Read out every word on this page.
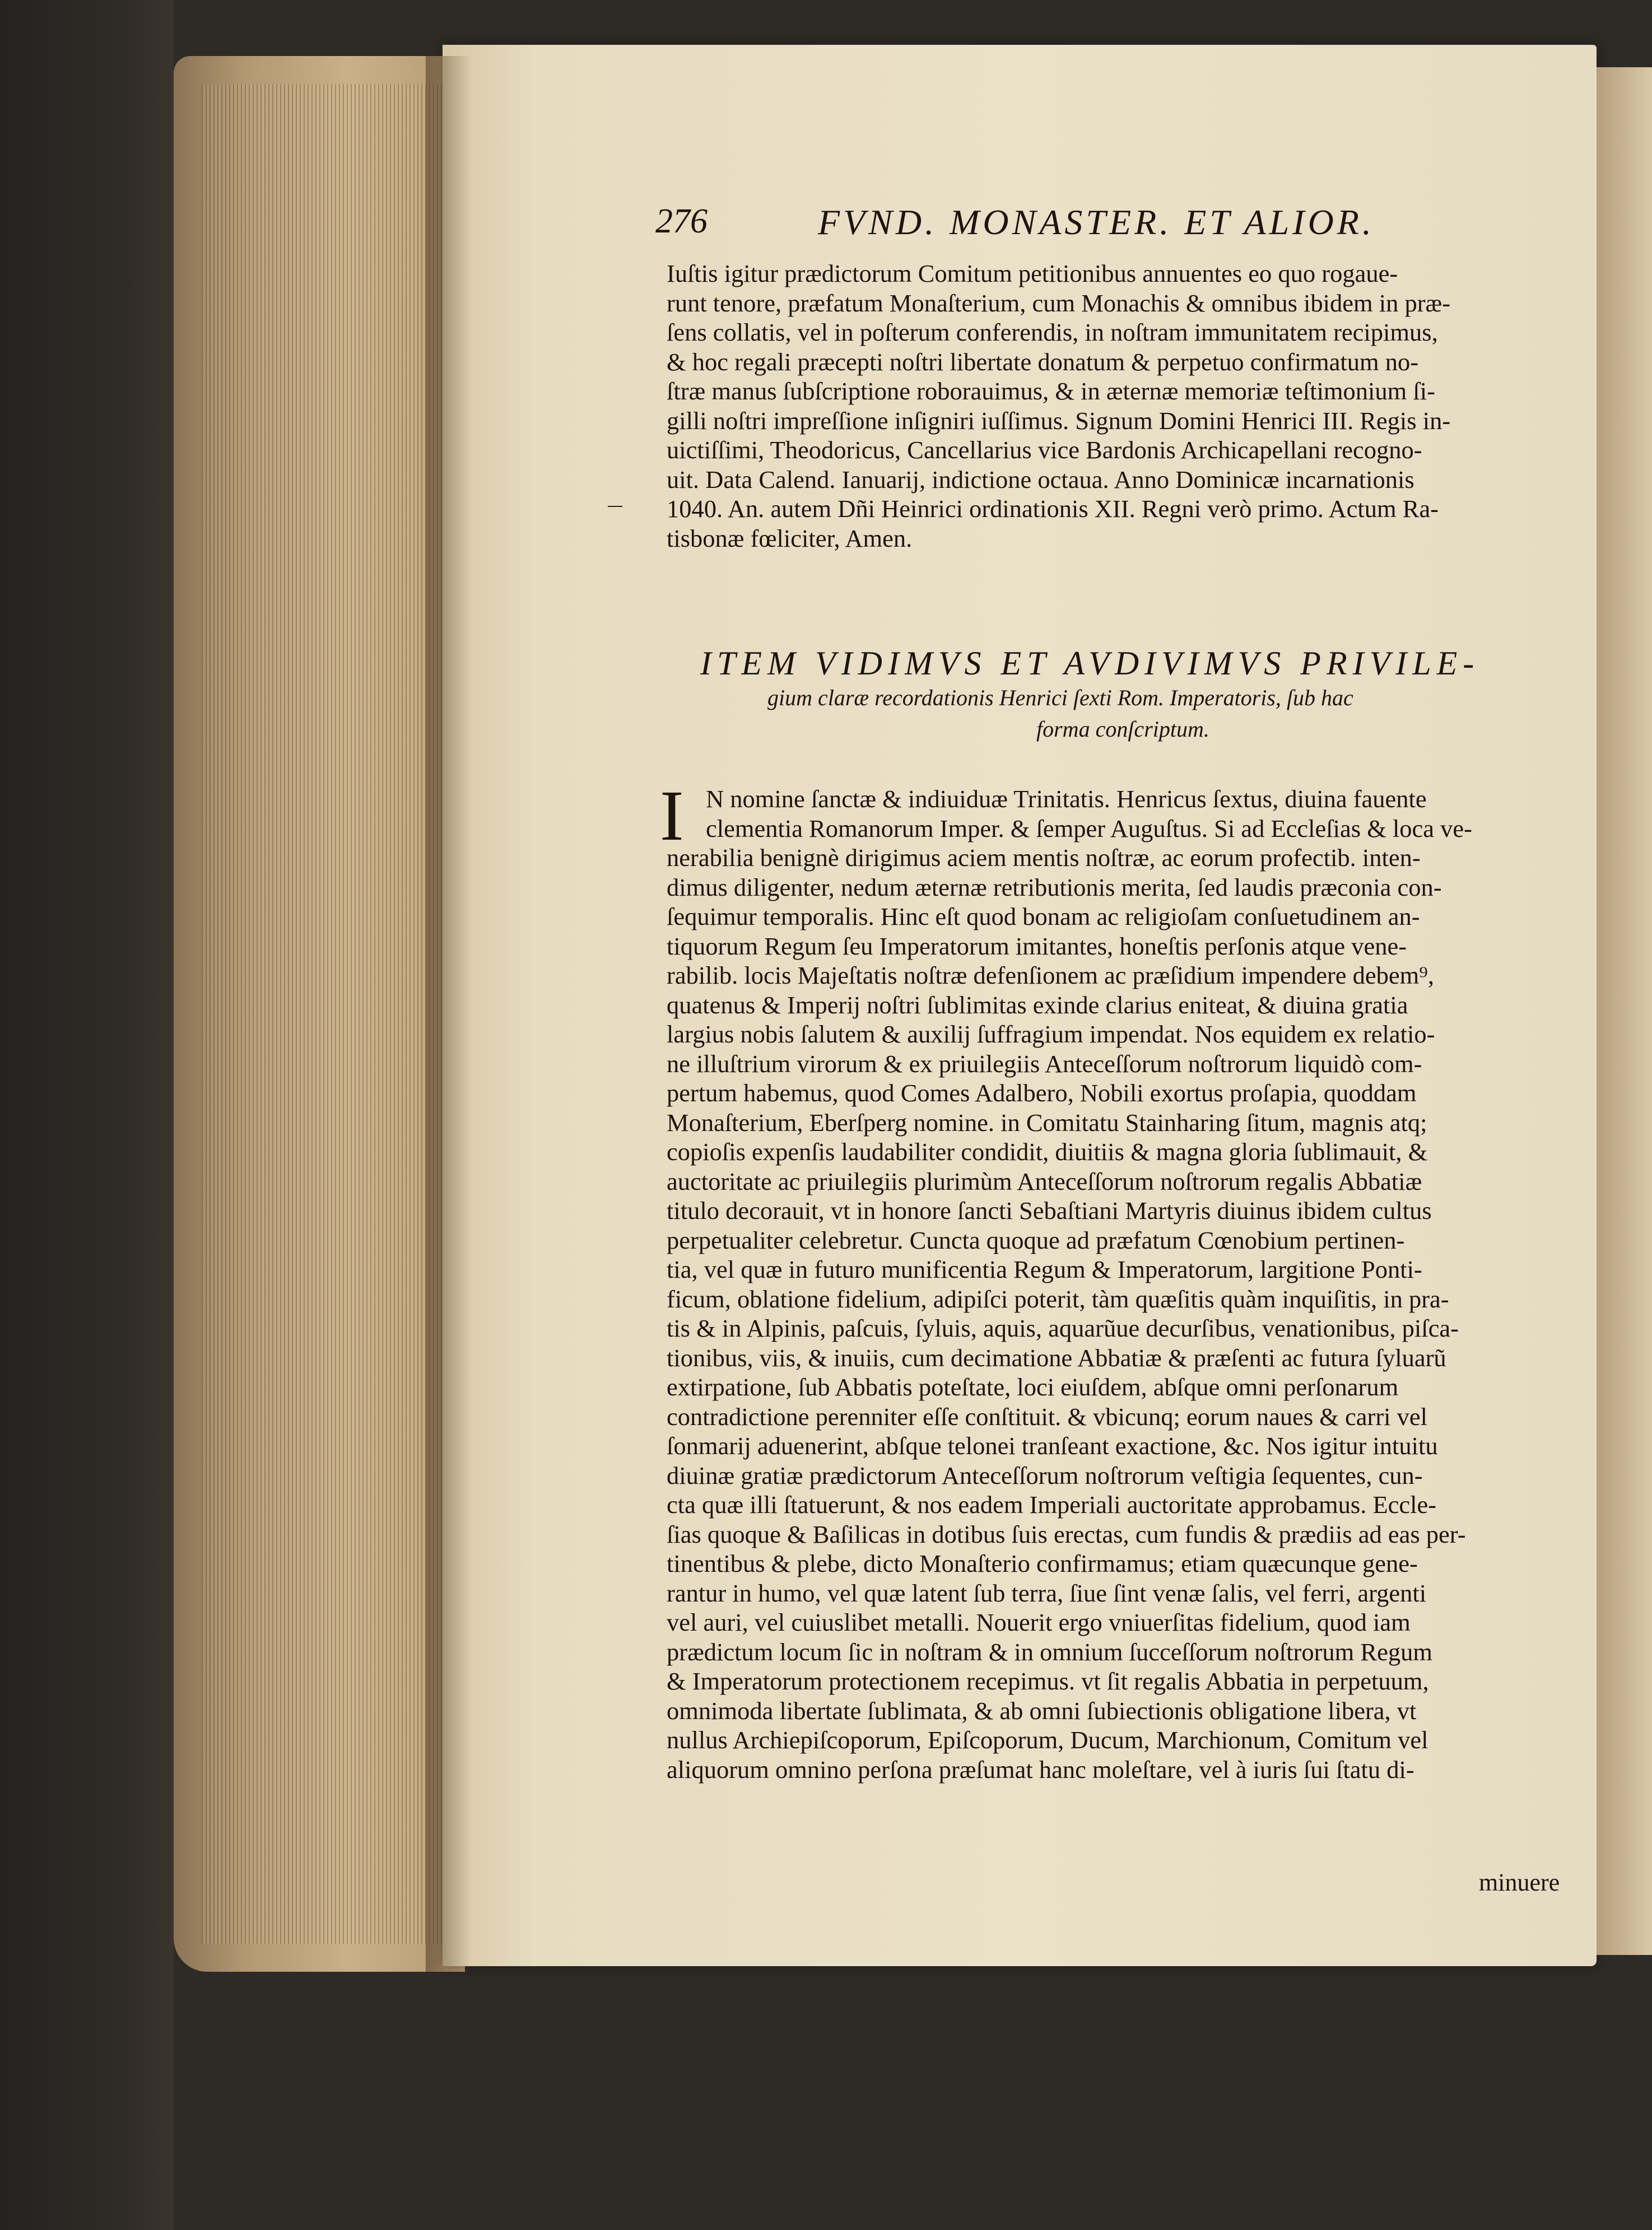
276	FVND. MONASTER. ET ALIOR.
Iuſtis igitur prædictorum Comitum petitionibus annuentes eo quo rogaue-
runt tenore, præfatum Monaſterium, cum Monachis & omnibus ibidem in præ-
ſens collatis, vel in poſterum conferendis, in noſtram immunitatem recipimus,
& hoc regali præcepti noſtri libertate donatum & perpetuo confirmatum no-
ſtræ manus ſubſcriptione roborauimus, & in æternæ memoriæ teſtimonium ſi-
gilli noſtri impreſſione inſigniri iuſſimus. Signum Domini Henrici III. Regis in-
uictiſſimi, Theodoricus, Cancellarius vice Bardonis Archicapellani recogno-
uit. Data Calend. Ianuarij, indictione octaua. Anno Dominicæ incarnationis
1040. An. autem Dñi Heinrici ordinationis XII. Regni verò primo. Actum Ra-
tisbonæ fœliciter, Amen.
ITEM VIDIMVS ET AVDIVIMVS PRIVILE-
gium claræ recordationis Henrici ſexti Rom. Imperatoris, ſub hac
forma conſcriptum.
I N nomine ſanctæ & indiuiduæ Trinitatis. Henricus ſextus, diuina fauente
clementia Romanorum Imper. & ſemper Auguſtus. Si ad Eccleſias & loca ve-
nerabilia benignè dirigimus aciem mentis noſtræ, ac eorum profectib. inten-
dimus diligenter, nedum æternæ retributionis merita, ſed laudis præconia con-
ſequimur temporalis. Hinc eſt quod bonam ac religioſam conſuetudinem an-
tiquorum Regum ſeu Imperatorum imitantes, honeſtis perſonis atque vene-
rabilib. locis Majeſtatis noſtræ defenſionem ac præſidium impendere debem⁹,
quatenus & Imperij noſtri ſublimitas exinde clarius eniteat, & diuina gratia
largius nobis ſalutem & auxilij ſuffragium impendat. Nos equidem ex relatio-
ne illuſtrium virorum & ex priuilegiis Anteceſſorum noſtrorum liquidò com-
pertum habemus, quod Comes Adalbero, Nobili exortus proſapia, quoddam
Monaſterium, Eberſperg nomine. in Comitatu Stainharing ſitum, magnis atq;
copioſis expenſis laudabiliter condidit, diuitiis & magna gloria ſublimauit, &
auctoritate ac priuilegiis plurimùm Anteceſſorum noſtrorum regalis Abbatiæ
titulo decorauit, vt in honore ſancti Sebaſtiani Martyris diuinus ibidem cultus
perpetualiter celebretur. Cuncta quoque ad præfatum Cœnobium pertinen-
tia, vel quæ in futuro munificentia Regum & Imperatorum, largitione Ponti-
ficum, oblatione fidelium, adipiſci poterit, tàm quæſitis quàm inquiſitis, in pra-
tis & in Alpinis, paſcuis, ſyluis, aquis, aquarũue decurſibus, venationibus, piſca-
tionibus, viis, & inuiis, cum decimatione Abbatiæ & præſenti ac futura ſyluarũ
extirpatione, ſub Abbatis poteſtate, loci eiuſdem, abſque omni perſonarum
contradictione perenniter eſſe conſtituit. & vbicunq; eorum naues & carri vel
ſonmarij aduenerint, abſque telonei tranſeant exactione, &c. Nos igitur intuitu
diuinæ gratiæ prædictorum Anteceſſorum noſtrorum veſtigia ſequentes, cun-
cta quæ illi ſtatuerunt, & nos eadem Imperiali auctoritate approbamus. Eccle-
ſias quoque & Baſilicas in dotibus ſuis erectas, cum fundis & prædiis ad eas per-
tinentibus & plebe, dicto Monaſterio confirmamus; etiam quæcunque gene-
rantur in humo, vel quæ latent ſub terra, ſiue ſint venæ ſalis, vel ferri, argenti
vel auri, vel cuiuslibet metalli. Nouerit ergo vniuerſitas fidelium, quod iam
prædictum locum ſic in noſtram & in omnium ſucceſſorum noſtrorum Regum
& Imperatorum protectionem recepimus. vt ſit regalis Abbatia in perpetuum,
omnimoda libertate ſublimata, & ab omni ſubiectionis obligatione libera, vt
nullus Archiepiſcoporum, Epiſcoporum, Ducum, Marchionum, Comitum vel
aliquorum omnino perſona præſumat hanc moleſtare, vel à iuris ſui ſtatu di-
minuere
